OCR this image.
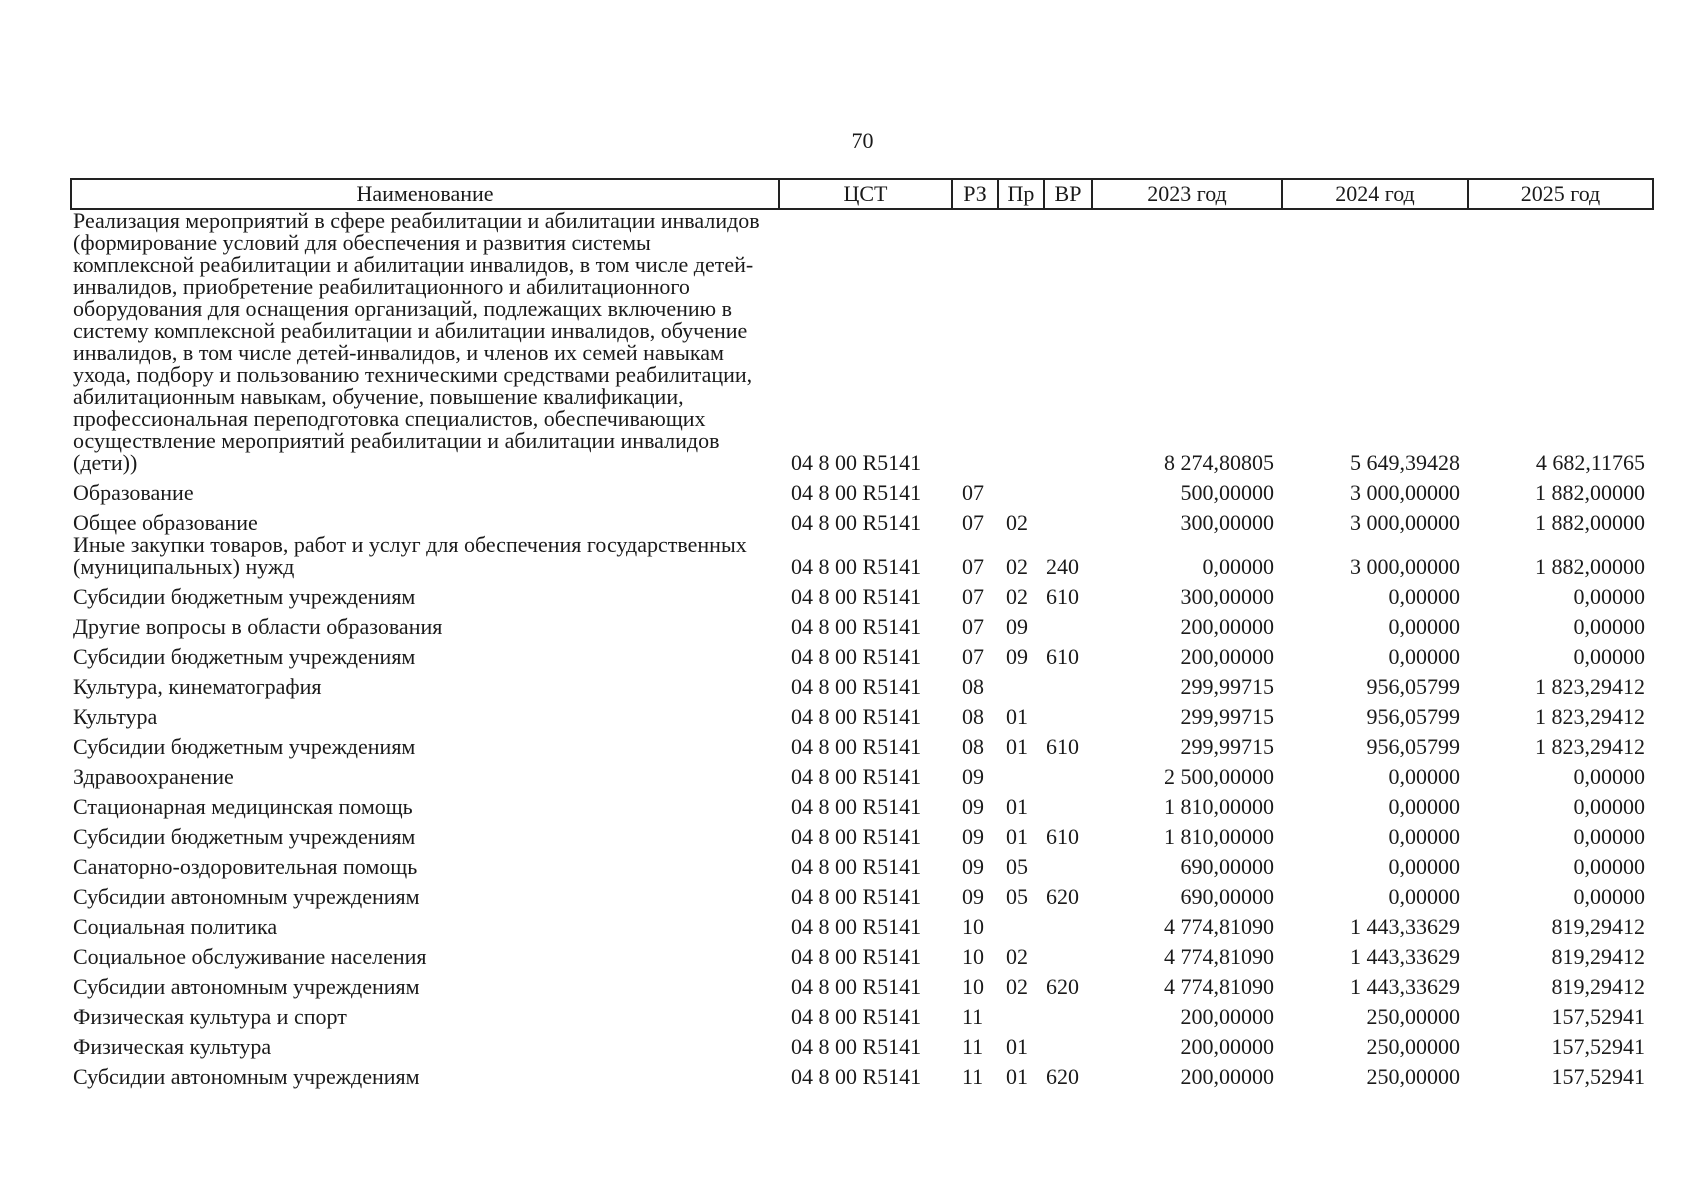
70
Наименование	ЦСТ	РЗ	Пр	ВР	2023 год	2024 год	2025 год
Реализация мероприятий в сфере реабилитации и абилитации инвалидов (формирование условий для обеспечения и развития системы комплексной реабилитации и абилитации инвалидов, в том числе детей-инвалидов, приобретение реабилитационного и абилитационного оборудования для оснащения организаций, подлежащих включению в систему комплексной реабилитации и абилитации инвалидов, обучение инвалидов, в том числе детей-инвалидов, и членов их семей навыкам ухода, подбору и пользованию техническими средствами реабилитации, абилитационным навыкам, обучение, повышение квалификации, профессиональная переподготовка специалистов, обеспечивающих осуществление мероприятий реабилитации и абилитации инвалидов (дети))	04 8 00 R5141				8 274,80805	5 649,39428	4 682,11765
Образование	04 8 00 R5141	07			500,00000	3 000,00000	1 882,00000
Общее образование	04 8 00 R5141	07	02		300,00000	3 000,00000	1 882,00000
Иные закупки товаров, работ и услуг для обеспечения государственных (муниципальных) нужд	04 8 00 R5141	07	02	240	0,00000	3 000,00000	1 882,00000
Субсидии бюджетным учреждениям	04 8 00 R5141	07	02	610	300,00000	0,00000	0,00000
Другие вопросы в области образования	04 8 00 R5141	07	09		200,00000	0,00000	0,00000
Субсидии бюджетным учреждениям	04 8 00 R5141	07	09	610	200,00000	0,00000	0,00000
Культура, кинематография	04 8 00 R5141	08			299,99715	956,05799	1 823,29412
Культура	04 8 00 R5141	08	01		299,99715	956,05799	1 823,29412
Субсидии бюджетным учреждениям	04 8 00 R5141	08	01	610	299,99715	956,05799	1 823,29412
Здравоохранение	04 8 00 R5141	09			2 500,00000	0,00000	0,00000
Стационарная медицинская помощь	04 8 00 R5141	09	01		1 810,00000	0,00000	0,00000
Субсидии бюджетным учреждениям	04 8 00 R5141	09	01	610	1 810,00000	0,00000	0,00000
Санаторно-оздоровительная помощь	04 8 00 R5141	09	05		690,00000	0,00000	0,00000
Субсидии автономным учреждениям	04 8 00 R5141	09	05	620	690,00000	0,00000	0,00000
Социальная политика	04 8 00 R5141	10			4 774,81090	1 443,33629	819,29412
Социальное обслуживание населения	04 8 00 R5141	10	02		4 774,81090	1 443,33629	819,29412
Субсидии автономным учреждениям	04 8 00 R5141	10	02	620	4 774,81090	1 443,33629	819,29412
Физическая культура и спорт	04 8 00 R5141	11			200,00000	250,00000	157,52941
Физическая культура	04 8 00 R5141	11	01		200,00000	250,00000	157,52941
Субсидии автономным учреждениям	04 8 00 R5141	11	01	620	200,00000	250,00000	157,52941
